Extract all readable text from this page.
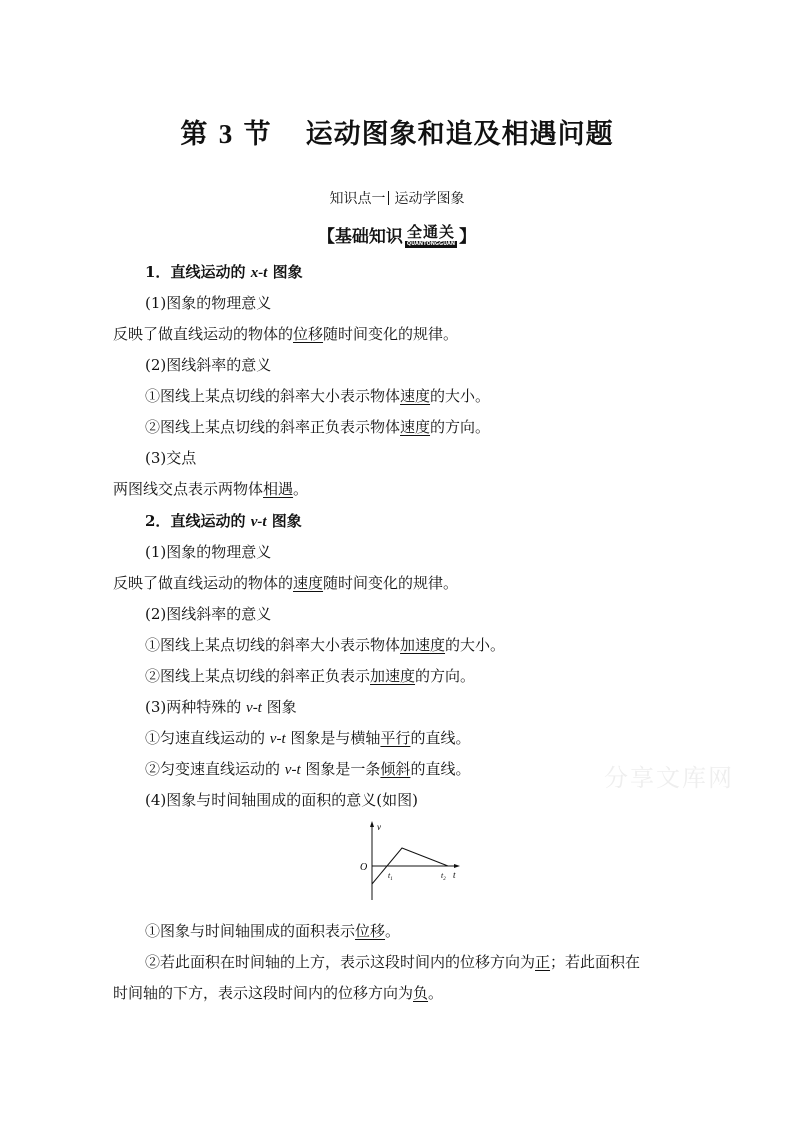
第 3 节 运动图象和追及相遇问题
知识点一 运动学图象
【基础知识 全通关
QUANTONGGUAN 】
1．直线运动的 x-t 图象
(1)图象的物理意义
反映了做直线运动的物体的位移随时间变化的规律。
(2)图线斜率的意义
①图线上某点切线的斜率大小表示物体速度的大小。
②图线上某点切线的斜率正负表示物体速度的方向。
(3)交点
两图线交点表示两物体相遇。
2．直线运动的 v-t 图象
(1)图象的物理意义
反映了做直线运动的物体的速度随时间变化的规律。
(2)图线斜率的意义
①图线上某点切线的斜率大小表示物体加速度的大小。
②图线上某点切线的斜率正负表示加速度的方向。
(3)两种特殊的 v-t 图象
①匀速直线运动的 v-t 图象是与横轴平行的直线。
②匀变速直线运动的 v-t 图象是一条倾斜的直线。
(4)图象与时间轴围成的面积的意义(如图)
v
O
$t_1$	$t_2$ t
①图象与时间轴围成的面积表示位移。
②若此面积在时间轴的上方，表示这段时间内的位移方向为正；若此面积在
时间轴的下方，表示这段时间内的位移方向为负。
分享文库网
